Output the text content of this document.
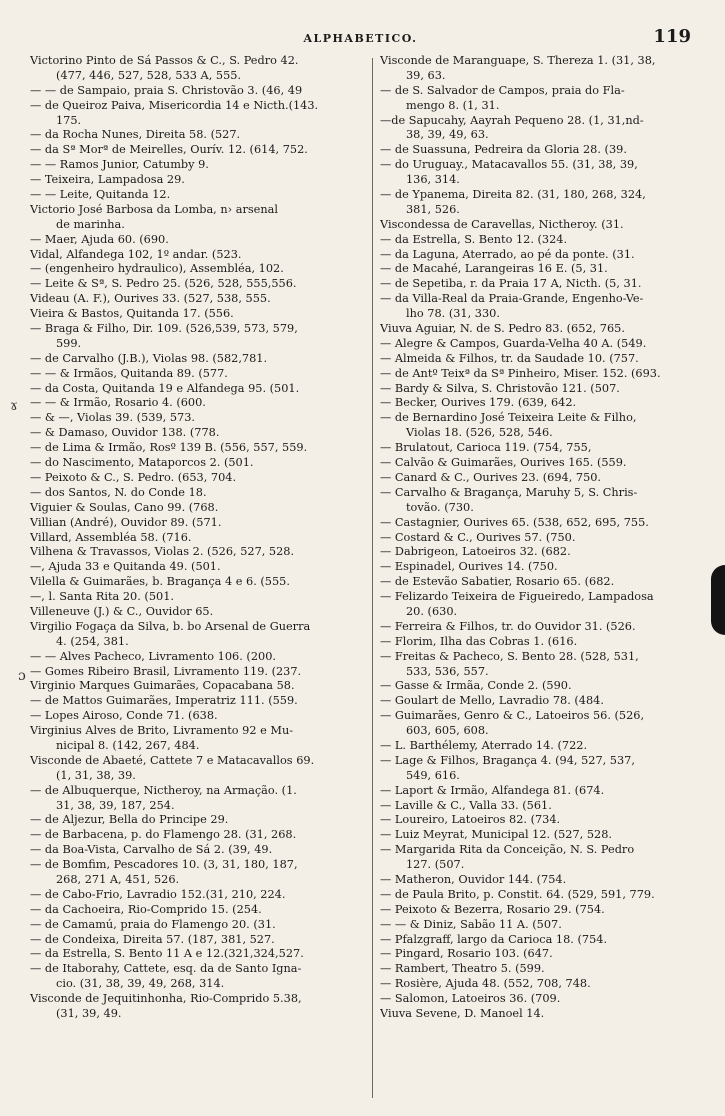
ALPHABETICO.	119
Victorino Pinto de Sá Passos & C., S. Pedro 42.
(477, 446, 527, 528, 533 A, 555.
— — de Sampaio, praia S. Christovão 3. (46, 49
— de Queiroz Paiva, Misericordia 14 e Nicth.(143.
175.
— da Rocha Nunes, Direita 58. (527.
— da Sª Morª de Meirelles, Ourív. 12. (614, 752.
— — Ramos Junior, Catumby 9.
— Teixeira, Lampadosa 29.
— — Leite, Quitanda 12.
Victorio José Barbosa da Lomba, n› arsenal
de marinha.
— Maer, Ajuda 60. (690.
Vidal, Alfandega 102, 1º andar. (523.
— (engenheiro hydraulico), Assembléa, 102.
— Leite & Sª, S. Pedro 25. (526, 528, 555,556.
Videau (A. F.), Ourives 33. (527, 538, 555.
Vieira & Bastos, Quitanda 17. (556.
— Braga & Filho, Dir. 109. (526,539, 573, 579,
599.
— de Carvalho (J.B.), Violas 98. (582,781.
— — & Irmãos, Quitanda 89. (577.
— da Costa, Quitanda 19 e Alfandega 95. (501.
— — & Irmão, Rosario 4. (600.
— & —, Violas 39. (539, 573.
— & Damaso, Ouvidor 138. (778.
— de Lima & Irmão, Rosº 139 B. (556, 557, 559.
— do Nascimento, Mataporcos 2. (501.
— Peixoto & C., S. Pedro. (653, 704.
— dos Santos, N. do Conde 18.
Viguier & Soulas, Cano 99. (768.
Villian (André), Ouvidor 89. (571.
Villard, Assembléa 58. (716.
Vilhena & Travassos, Violas 2. (526, 527, 528.
—, Ajuda 33 e Quitanda 49. (501.
Vilella & Guimarães, b. Bragança 4 e 6. (555.
—, l. Santa Rita 20. (501.
Villeneuve (J.) & C., Ouvidor 65.
Virgilio Fogaça da Silva, b. bo Arsenal de Guerra
4. (254, 381.
— — Alves Pacheco, Livramento 106. (200.
— Gomes Ribeiro Brasil, Livramento 119. (237.
Virginio Marques Guimarães, Copacabana 58.
— de Mattos Guimarães, Imperatriz 111. (559.
— Lopes Airoso, Conde 71. (638.
Virginius Alves de Brito, Livramento 92 e Mu-
nicipal 8. (142, 267, 484.
Visconde de Abaeté, Cattete 7 e Matacavallos 69.
(1, 31, 38, 39.
— de Albuquerque, Nictheroy, na Armação. (1.
31, 38, 39, 187, 254.
— de Aljezur, Bella do Principe 29.
— de Barbacena, p. do Flamengo 28. (31, 268.
— da Boa-Vista, Carvalho de Sá 2. (39, 49.
— de Bomfim, Pescadores 10. (3, 31, 180, 187,
268, 271 A, 451, 526.
— de Cabo-Frio, Lavradio 152.(31, 210, 224.
— da Cachoeira, Rio-Comprido 15. (254.
— de Camamú, praia do Flamengo 20. (31.
— de Condeixa, Direita 57. (187, 381, 527.
— da Estrella, S. Bento 11 A e 12.(321,324,527.
— de Itaborahy, Cattete, esq. da de Santo Igna-
cio. (31, 38, 39, 49, 268, 314.
Visconde de Jequitinhonha, Rio-Comprido 5.38,
(31, 39, 49.
Visconde de Maranguape, S. Thereza 1. (31, 38,
39, 63.
— de S. Salvador de Campos, praia do Fla-
mengo 8. (1, 31.
—de Sapucahy, Aayrah Pequeno 28. (1, 31,nd-
38, 39, 49, 63.
— de Suassuna, Pedreira da Gloria 28. (39.
— do Uruguay., Matacavallos 55. (31, 38, 39,
136, 314.
— de Ypanema, Direita 82. (31, 180, 268, 324,
381, 526.
Viscondessa de Caravellas, Nictheroy. (31.
— da Estrella, S. Bento 12. (324.
— da Laguna, Aterrado, ao pé da ponte. (31.
— de Macahé, Larangeiras 16 E. (5, 31.
— de Sepetiba, r. da Praia 17 A, Nicth. (5, 31.
— da Villa-Real da Praia-Grande, Engenho-Ve-
lho 78. (31, 330.
Viuva Aguiar, N. de S. Pedro 83. (652, 765.
— Alegre & Campos, Guarda-Velha 40 A. (549.
— Almeida & Filhos, tr. da Saudade 10. (757.
— de Antº Teixª da Sª Pinheiro, Miser. 152. (693.
— Bardy & Silva, S. Christovão 121. (507.
— Becker, Ourives 179. (639, 642.
— de Bernardino José Teixeira Leite & Filho,
Violas 18. (526, 528, 546.
— Brulatout, Carioca 119. (754, 755,
— Calvão & Guimarães, Ourives 165. (559.
— Canard & C., Ourives 23. (694, 750.
— Carvalho & Bragança, Maruhy 5, S. Chris-
tovão. (730.
— Castagnier, Ourives 65. (538, 652, 695, 755.
— Costard & C., Ourives 57. (750.
— Dabrigeon, Latoeiros 32. (682.
— Espinadel, Ourives 14. (750.
— de Estevão Sabatier, Rosario 65. (682.
— Felizardo Teixeira de Figueiredo, Lampadosa
20. (630.
— Ferreira & Filhos, tr. do Ouvidor 31. (526.
— Florim, Ilha das Cobras 1. (616.
— Freitas & Pacheco, S. Bento 28. (528, 531,
533, 536, 557.
— Gasse & Irmãa, Conde 2. (590.
— Goulart de Mello, Lavradio 78. (484.
— Guimarães, Genro & C., Latoeiros 56. (526,
603, 605, 608.
— L. Barthélemy, Aterrado 14. (722.
— Lage & Filhos, Bragança 4. (94, 527, 537,
549, 616.
— Laport & Irmão, Alfandega 81. (674.
— Laville & C., Valla 33. (561.
— Loureiro, Latoeiros 82. (734.
— Luiz Meyrat, Municipal 12. (527, 528.
— Margarida Rita da Conceição, N. S. Pedro
127. (507.
— Matheron, Ouvidor 144. (754.
— de Paula Brito, p. Constit. 64. (529, 591, 779.
— Peixoto & Bezerra, Rosario 29. (754.
— — & Diniz, Sabão 11 A. (507.
— Pfalzgraff, largo da Carioca 18. (754.
— Pingard, Rosario 103. (647.
— Rambert, Theatro 5. (599.
— Rosière, Ajuda 48. (552, 708, 748.
— Salomon, Latoeiros 36. (709.
Viuva Sevene, D. Manoel 14.
ɤ
ɔ
